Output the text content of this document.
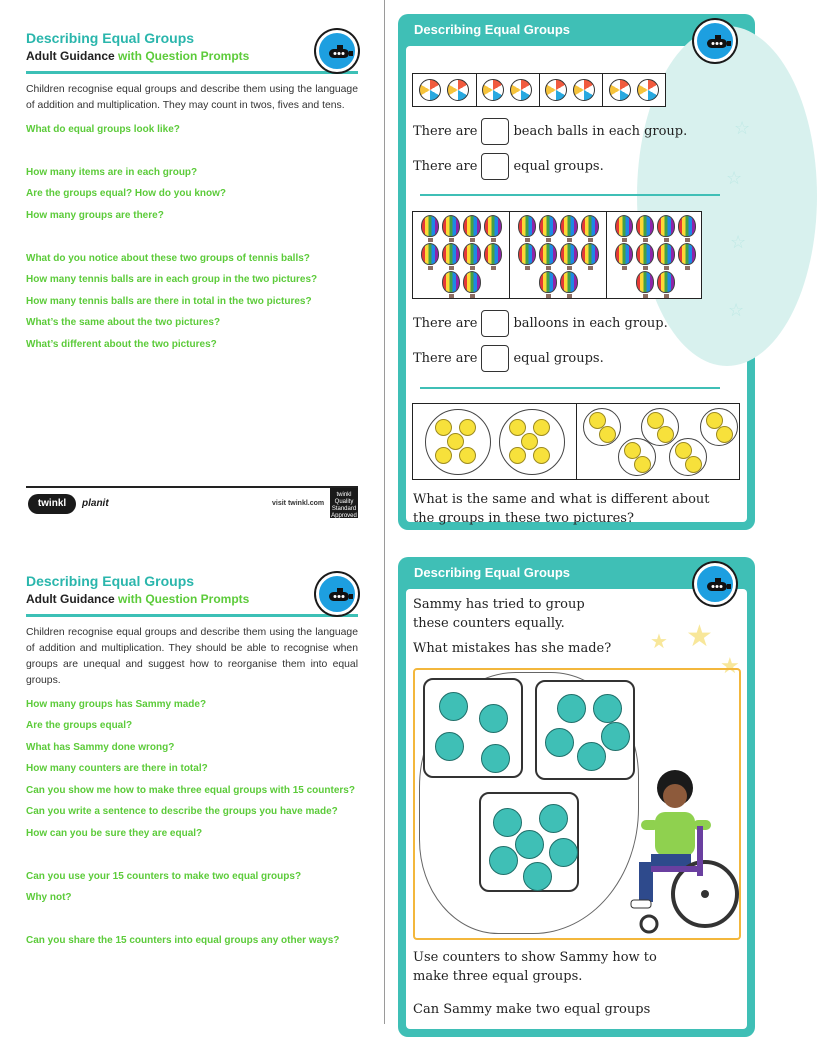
Describing Equal Groups
Adult Guidance with Question Prompts
Children recognise equal groups and describe them using the language of addition and multiplication. They may count in twos, fives and tens.
What do equal groups look like?
How many items are in each group?
Are the groups equal? How do you know?
How many groups are there?
What do you notice about these two groups of tennis balls?
How many tennis balls are in each group in the two pictures?
How many tennis balls are there in total in the two pictures?
What’s the same about the two pictures?
What’s different about the two pictures?
twinkl	planit	visit twinkl.com
twinkl Quality Standard Approved
Describing Equal Groups
Adult Guidance with Question Prompts
Children recognise equal groups and describe them using the language of addition and multiplication. They should be able to recognise when groups are unequal and suggest how to reorganise them into equal groups.
How many groups has Sammy made?
Are the groups equal?
What has Sammy done wrong?
How many counters are there in total?
Can you show me how to make three equal groups with 15 counters?
Can you write a sentence to describe the groups you have made?
How can you be sure they are equal?
Can you use your 15 counters to make two equal groups?
Why not?
Can you share the 15 counters into equal groups any other ways?
Describing Equal Groups
☆
☆
☆
☆
There are	beach balls in each group.
There are	equal groups.
There are	balloons in each group.
There are	equal groups.
What is the same and what is different about the groups in these two pictures?
Describing Equal Groups
★ ★
★
Sammy has tried to group these counters equally.
What mistakes has she made?
Use counters to show Sammy how to make three equal groups.
Can Sammy make two equal groups
